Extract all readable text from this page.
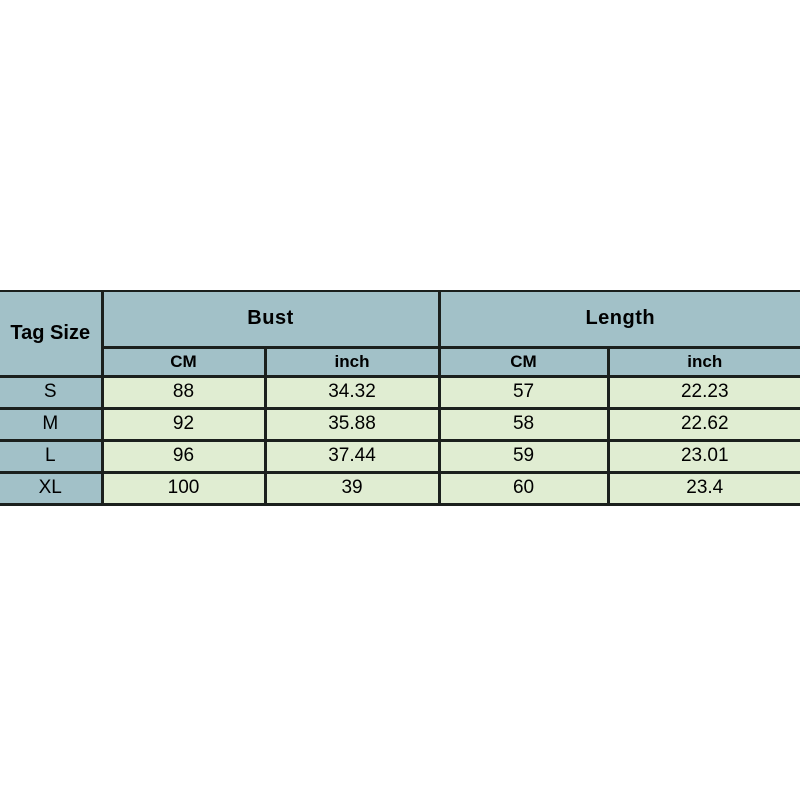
Tag Size	Bust		Length	
	CM	inch	CM	inch
S	88	34.32	57	22.23
M	92	35.88	58	22.62
L	96	37.44	59	23.01
XL	100	39	60	23.4
